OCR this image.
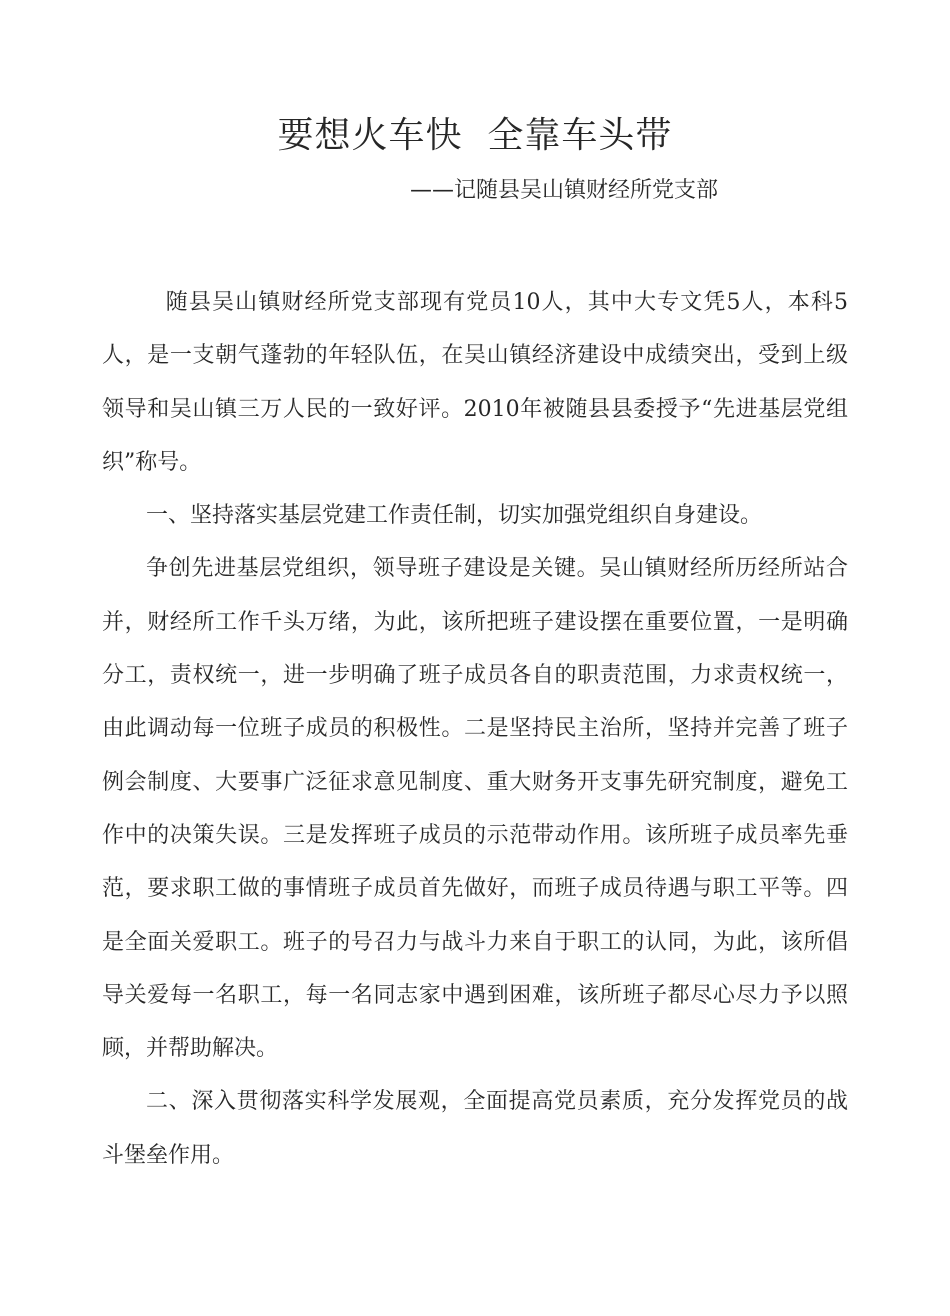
要想火车快  全靠车头带
——记随县吴山镇财经所党支部

随县吴山镇财经所党支部现有党员10人，其中大专文凭5人，本科5人，是一支朝气蓬勃的年轻队伍，在吴山镇经济建设中成绩突出，受到上级领导和吴山镇三万人民的一致好评。2010年被随县县委授予“先进基层党组织”称号。

一、坚持落实基层党建工作责任制，切实加强党组织自身建设。

争创先进基层党组织，领导班子建设是关键。吴山镇财经所历经所站合并，财经所工作千头万绪，为此，该所把班子建设摆在重要位置，一是明确分工，责权统一，进一步明确了班子成员各自的职责范围，力求责权统一，由此调动每一位班子成员的积极性。二是坚持民主治所，坚持并完善了班子例会制度、大要事广泛征求意见制度、重大财务开支事先研究制度，避免工作中的决策失误。三是发挥班子成员的示范带动作用。该所班子成员率先垂范，要求职工做的事情班子成员首先做好，而班子成员待遇与职工平等。四是全面关爱职工。班子的号召力与战斗力来自于职工的认同，为此，该所倡导关爱每一名职工，每一名同志家中遇到困难，该所班子都尽心尽力予以照顾，并帮助解决。

二、深入贯彻落实科学发展观，全面提高党员素质，充分发挥党员的战斗堡垒作用。
